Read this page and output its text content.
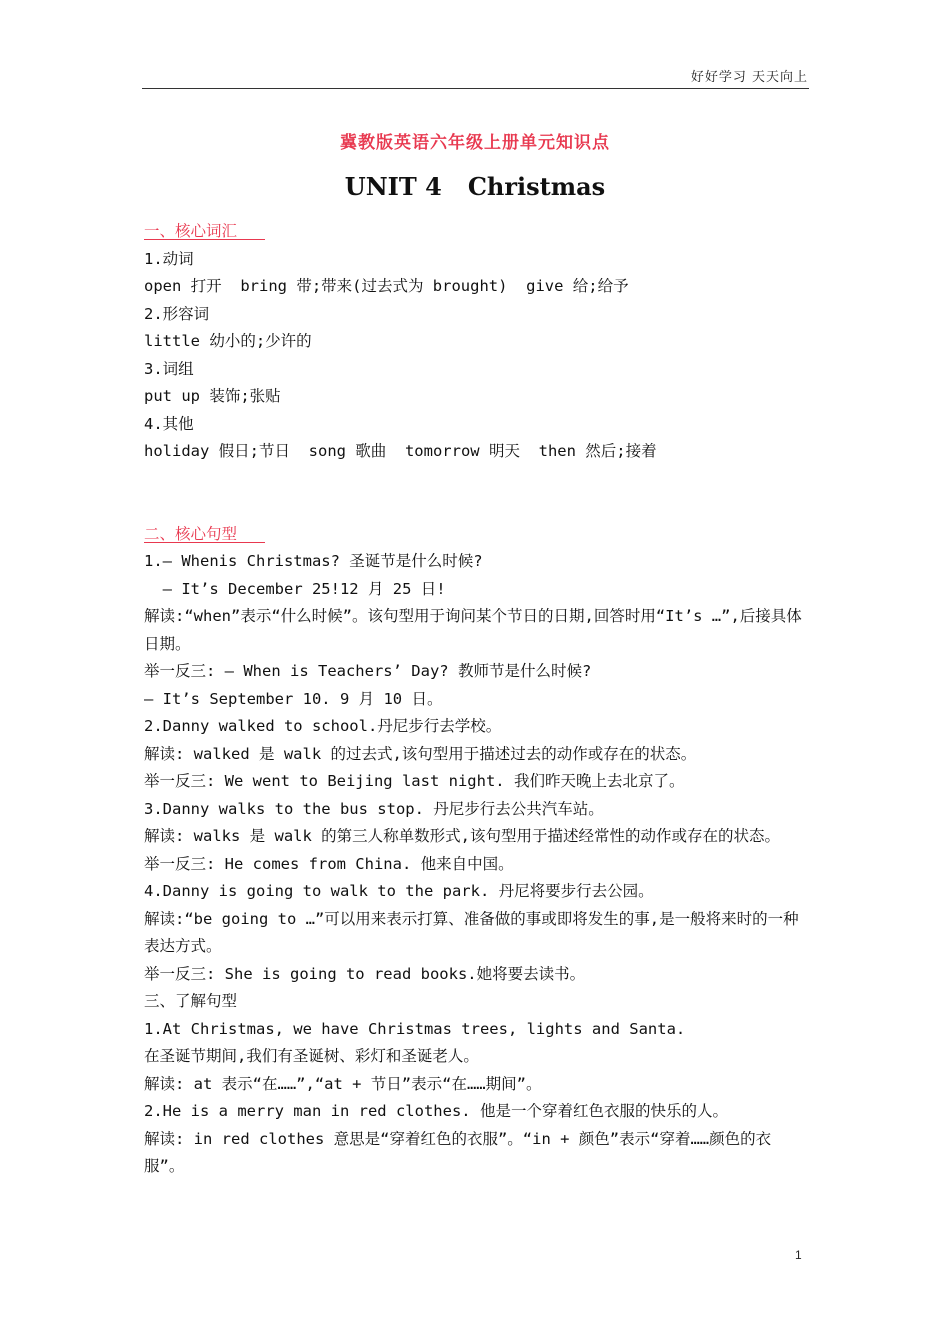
好好学习 天天向上
冀教版英语六年级上册单元知识点
UNIT 4 Christmas
一、核心词汇
1.动词
open 打开  bring 带;带来(过去式为 brought)  give 给;给予
2.形容词
little 幼小的;少许的
3.词组
put up 装饰;张贴
4.其他
holiday 假日;节日  song 歌曲  tomorrow 明天  then 然后;接着
二、核心句型
1.— Whenis Christmas? 圣诞节是什么时候?
— It’s December 25!12 月 25 日!
解读:“when”表示“什么时候”。该句型用于询问某个节日的日期,回答时用“It’s …”,后接具体日期。
举一反三: — When is Teachers’ Day? 教师节是什么时候?
— It’s September 10. 9 月 10 日。
2.Danny walked to school.丹尼步行去学校。
解读: walked 是 walk 的过去式,该句型用于描述过去的动作或存在的状态。
举一反三: We went to Beijing last night. 我们昨天晚上去北京了。
3.Danny walks to the bus stop. 丹尼步行去公共汽车站。
解读: walks 是 walk 的第三人称单数形式,该句型用于描述经常性的动作或存在的状态。
举一反三: He comes from China. 他来自中国。
4.Danny is going to walk to the park. 丹尼将要步行去公园。
解读:“be going to …”可以用来表示打算、准备做的事或即将发生的事,是一般将来时的一种表达方式。
举一反三: She is going to read books.她将要去读书。
三、了解句型
1.At Christmas, we have Christmas trees, lights and Santa.
在圣诞节期间,我们有圣诞树、彩灯和圣诞老人。
解读: at 表示“在……”,“at + 节日”表示“在……期间”。
2.He is a merry man in red clothes. 他是一个穿着红色衣服的快乐的人。
解读: in red clothes 意思是“穿着红色的衣服”。“in + 颜色”表示“穿着……颜色的衣服”。
1
